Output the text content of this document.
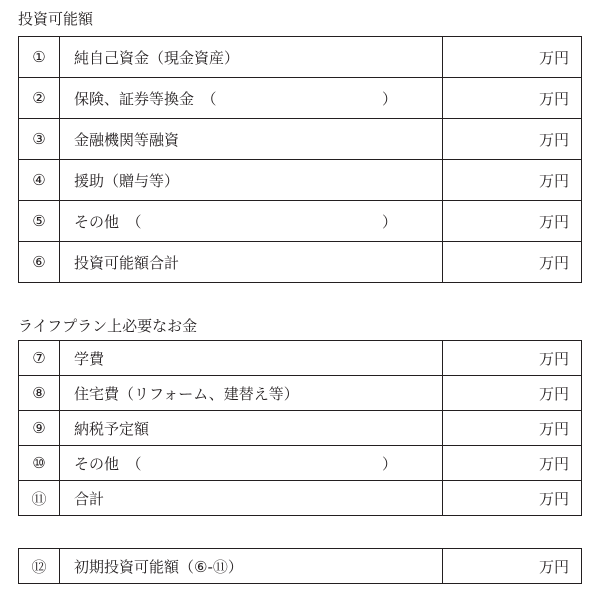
投資可能額
①	純自己資金（現金資産）	万円
②	保険、証券等換金　（ ）	万円
③	金融機関等融資	万円
④	援助（贈与等）	万円
⑤	その他　（ ）	万円
⑥	投資可能額合計	万円
ライフプラン上必要なお金
⑦	学費	万円
⑧	住宅費（リフォーム、建替え等）	万円
⑨	納税予定額	万円
⑩	その他　（ ）	万円
⑪	合計	万円
⑫	初期投資可能額（⑥-⑪）	万円
